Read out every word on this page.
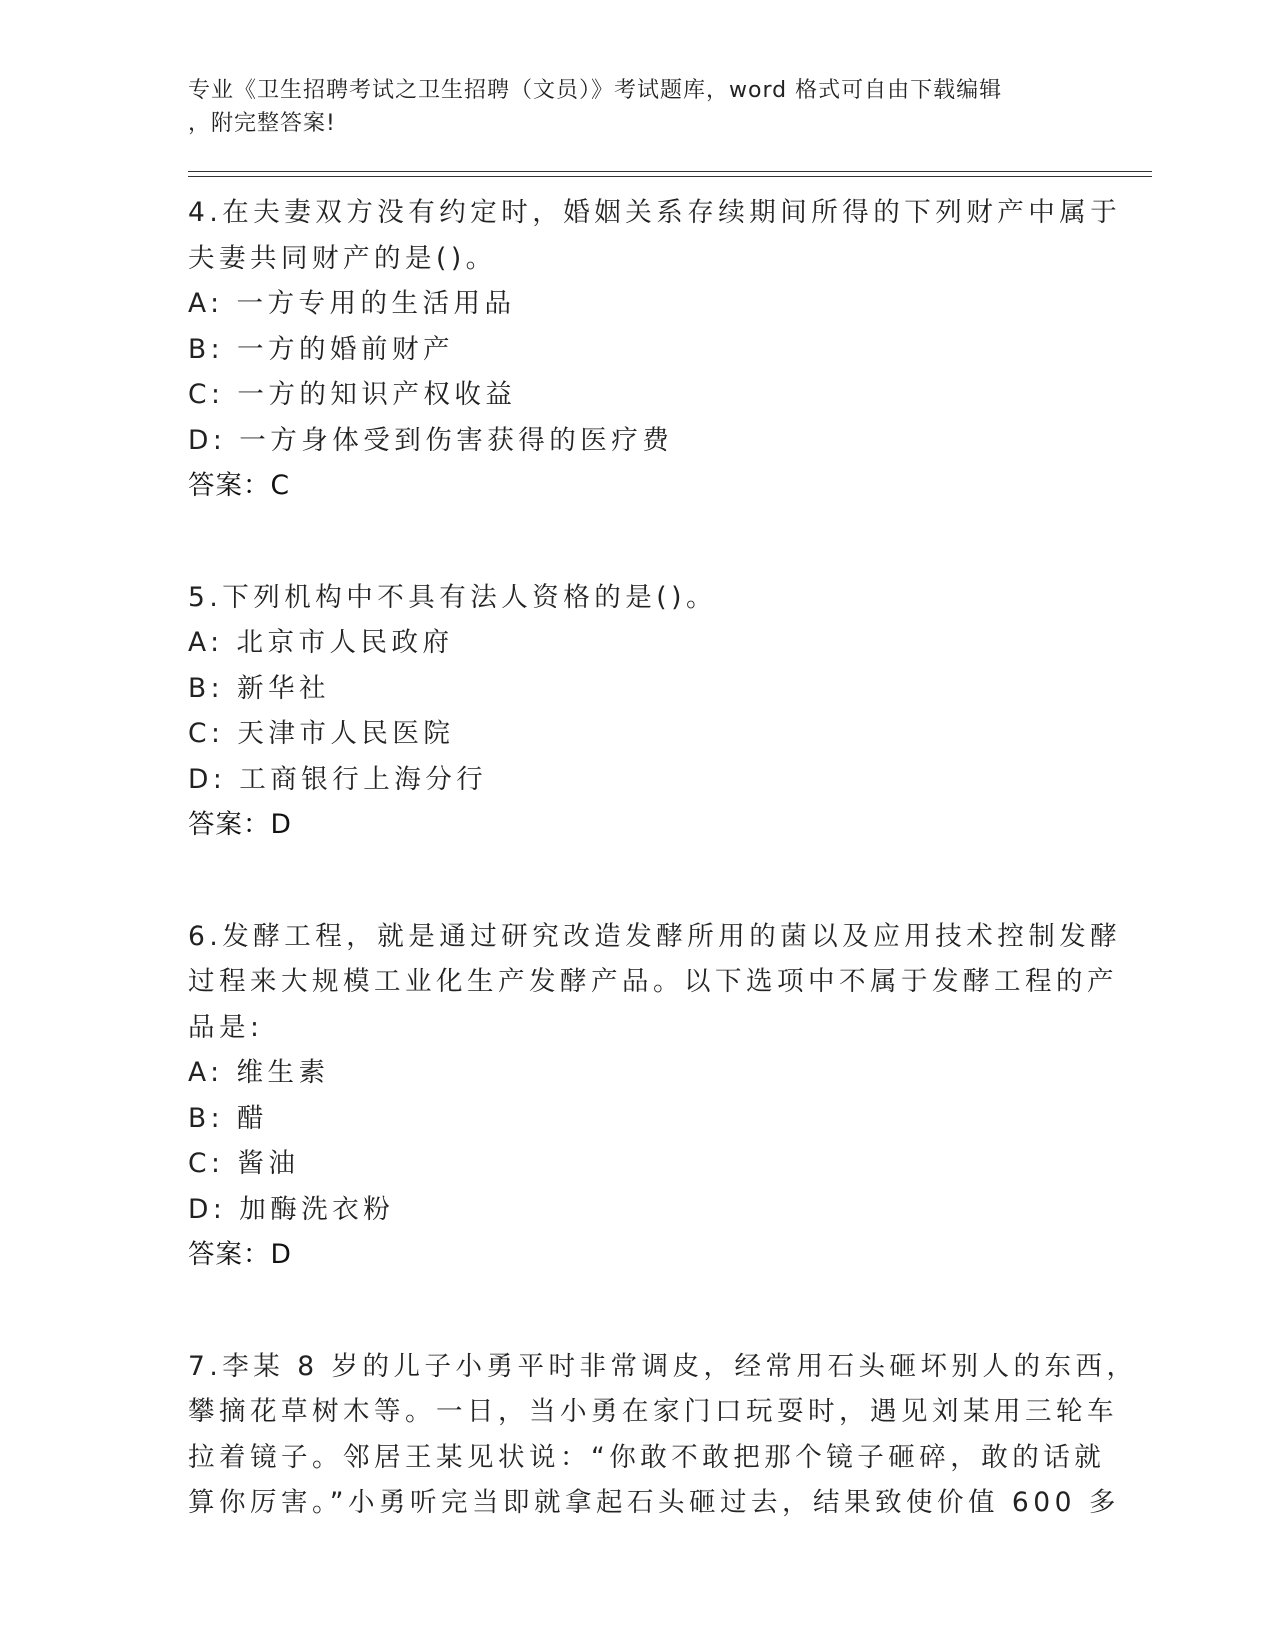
专业《卫生招聘考试之卫生招聘（文员）》考试题库，word 格式可自由下载编辑
，附完整答案!
4.在夫妻双方没有约定时，婚姻关系存续期间所得的下列财产中属于
夫妻共同财产的是()。
A: 一方专用的生活用品
B: 一方的婚前财产
C: 一方的知识产权收益
D: 一方身体受到伤害获得的医疗费
答案：C
5.下列机构中不具有法人资格的是()。
A: 北京市人民政府
B: 新华社
C: 天津市人民医院
D: 工商银行上海分行
答案：D
6.发酵工程，就是通过研究改造发酵所用的菌以及应用技术控制发酵
过程来大规模工业化生产发酵产品。以下选项中不属于发酵工程的产
品是:
A: 维生素
B: 醋
C: 酱油
D: 加酶洗衣粉
答案：D
7.李某 8 岁的儿子小勇平时非常调皮，经常用石头砸坏别人的东西，
攀摘花草树木等。一日，当小勇在家门口玩耍时，遇见刘某用三轮车
拉着镜子。邻居王某见状说：“你敢不敢把那个镜子砸碎，敢的话就
算你厉害。”小勇听完当即就拿起石头砸过去，结果致使价值 600 多
